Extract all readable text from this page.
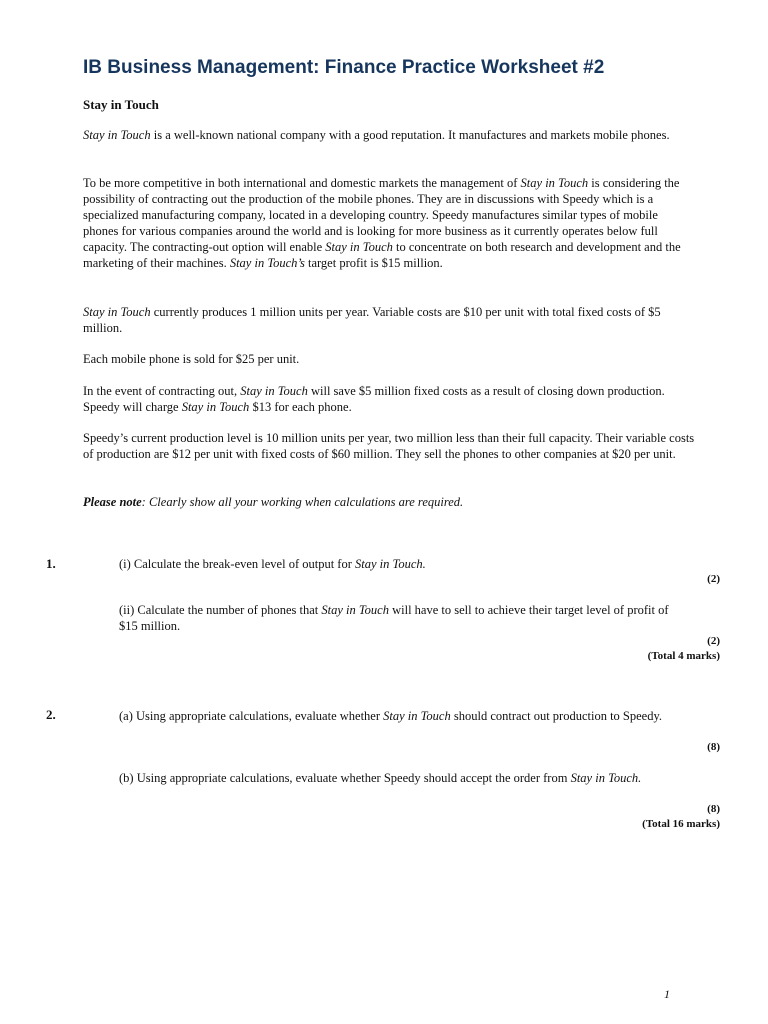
IB Business Management: Finance Practice Worksheet #2

Stay in Touch

Stay in Touch is a well-known national company with a good reputation. It manufactures and markets mobile phones.

To be more competitive in both international and domestic markets the management of Stay in Touch is considering the possibility of contracting out the production of the mobile phones. They are in discussions with Speedy which is a specialized manufacturing company, located in a developing country. Speedy manufactures similar types of mobile phones for various companies around the world and is looking for more business as it currently operates below full capacity. The contracting-out option will enable Stay in Touch to concentrate on both research and development and the marketing of their machines. Stay in Touch’s target profit is $15 million.

Stay in Touch currently produces 1 million units per year. Variable costs are $10 per unit with total fixed costs of $5 million.

Each mobile phone is sold for $25 per unit.

In the event of contracting out, Stay in Touch will save $5 million fixed costs as a result of closing down production. Speedy will charge Stay in Touch $13 for each phone.

Speedy’s current production level is 10 million units per year, two million less than their full capacity. Their variable costs of production are $12 per unit with fixed costs of $60 million. They sell the phones to other companies at $20 per unit.

Please note: Clearly show all your working when calculations are required.

1.	(i) Calculate the break-even level of output for Stay in Touch.

(2)

(ii) Calculate the number of phones that Stay in Touch will have to sell to achieve their target level of profit of $15 million.

(2)

(Total 4 marks)

2.	(a) Using appropriate calculations, evaluate whether Stay in Touch should contract out production to Speedy.

(8)

(b) Using appropriate calculations, evaluate whether Speedy should accept the order from Stay in Touch.

(8)

(Total 16 marks)

1
